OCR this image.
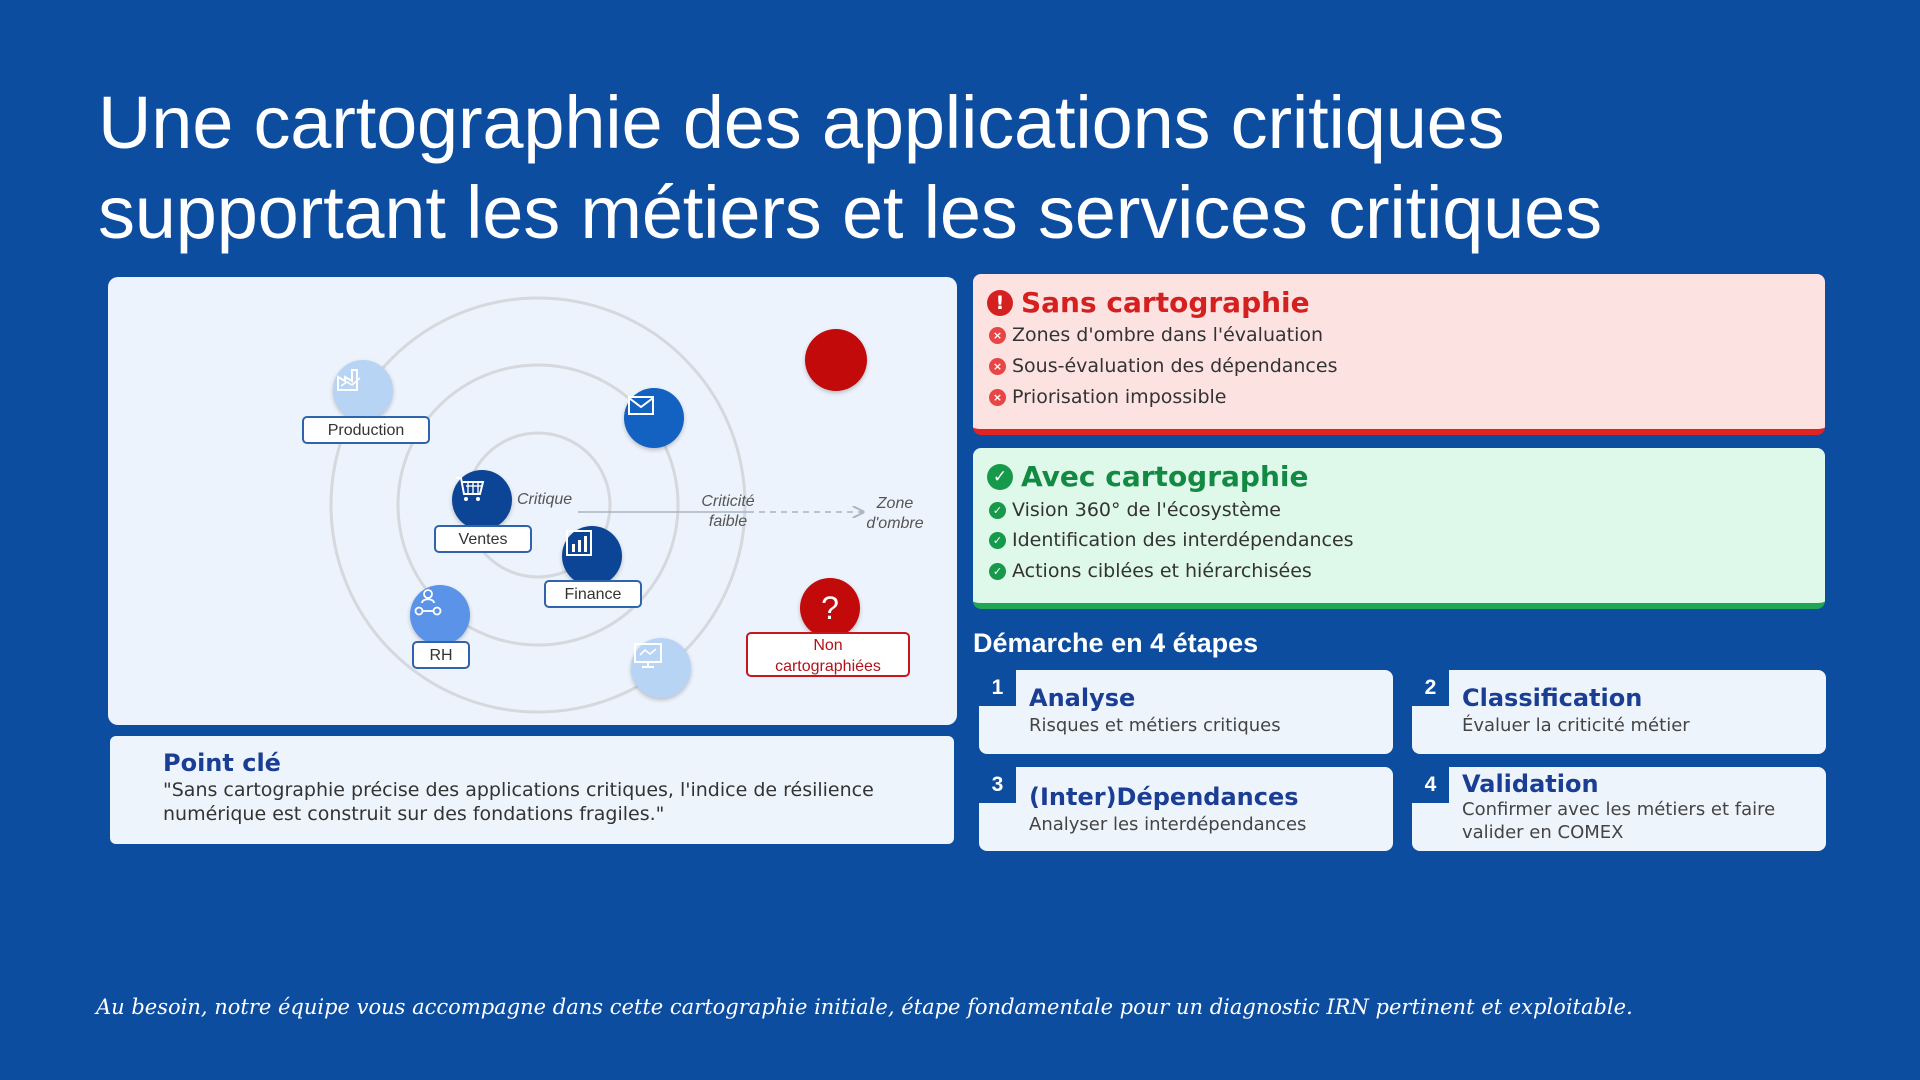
Une cartographie des applications critiques
supportant les métiers et les services critiques
Production
Critique
Ventes
Finance
RH
Criticité
faible
Zone
d'ombre
?
Non
cartographiées
Point clé
"Sans cartographie précise des applications critiques, l'indice de résilience numérique est construit sur des fondations fragiles."
! Sans cartographie
× Zones d'ombre dans l'évaluation
× Sous-évaluation des dépendances
× Priorisation impossible
✓ Avec cartographie
✓ Vision 360° de l'écosystème
✓ Identification des interdépendances
✓ Actions ciblées et hiérarchisées
Démarche en 4 étapes
1	Analyse
Risques et métiers critiques
2	Classification
Évaluer la criticité métier
3	(Inter)Dépendances
Analyser les interdépendances
4	Validation
Confirmer avec les métiers et faire valider en COMEX
Au besoin, notre équipe vous accompagne dans cette cartographie initiale, étape fondamentale pour un diagnostic IRN pertinent et exploitable.
